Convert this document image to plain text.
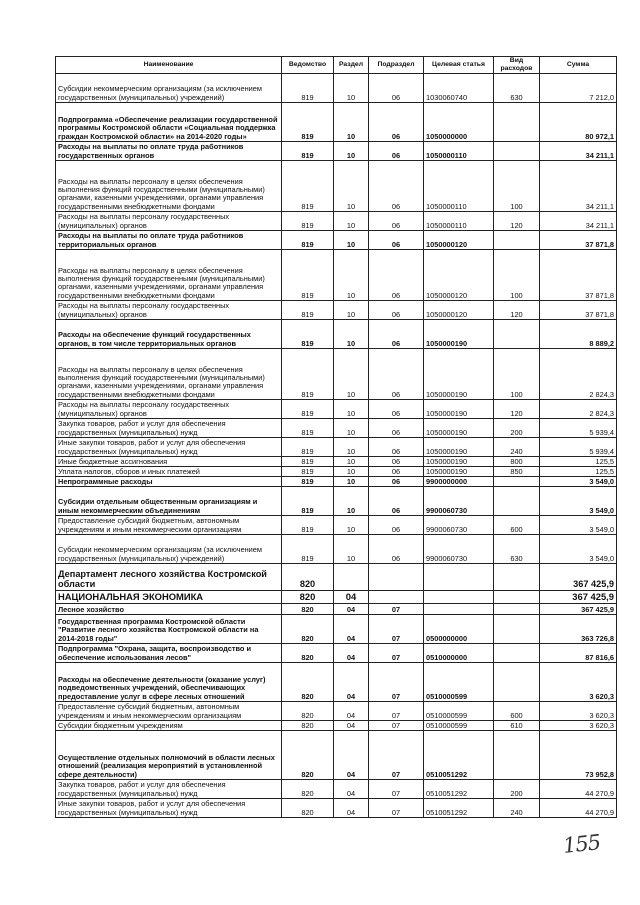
Наименование	Ведомство	Раздел	Подраздел	Целевая статья	Вид расходов	Сумма
Субсидии некоммерческим организациям (за исключением государственных (муниципальных) учреждений)	819	10	06	1030060740	630	7 212,0
Подпрограмма «Обеспечение реализации государственной программы Костромской области «Социальная поддержка граждан Костромской области» на 2014-2020 годы»	819	10	06	1050000000		80 972,1
Расходы на выплаты по оплате труда работников государственных органов	819	10	06	1050000110		34 211,1
Расходы на выплаты персоналу в целях обеспечения выполнения функций государственными (муниципальными) органами, казенными учреждениями, органами управления государственными внебюджетными фондами	819	10	06	1050000110	100	34 211,1
Расходы на выплаты персоналу государственных (муниципальных) органов	819	10	06	1050000110	120	34 211,1
Расходы на выплаты по оплате труда работников территориальных органов	819	10	06	1050000120		37 871,8
Расходы на выплаты персоналу в целях обеспечения выполнения функций государственными (муниципальными) органами, казенными учреждениями, органами управления государственными внебюджетными фондами	819	10	06	1050000120	100	37 871,8
Расходы на выплаты персоналу государственных (муниципальных) органов	819	10	06	1050000120	120	37 871,8
Расходы на обеспечение функций государственных органов, в том числе территориальных органов	819	10	06	1050000190		8 889,2
Расходы на выплаты персоналу в целях обеспечения выполнения функций государственными (муниципальными) органами, казенными учреждениями, органами управления государственными внебюджетными фондами	819	10	06	1050000190	100	2 824,3
Расходы на выплаты персоналу государственных (муниципальных) органов	819	10	06	1050000190	120	2 824,3
Закупка товаров, работ и услуг для обеспечения государственных (муниципальных) нужд	819	10	06	1050000190	200	5 939,4
Иные закупки товаров, работ и услуг для обеспечения государственных (муниципальных) нужд	819	10	06	1050000190	240	5 939,4
Иные бюджетные ассигнования	819	10	06	1050000190	800	125,5
Уплата налогов, сборов и иных платежей	819	10	06	1050000190	850	125,5
Непрограммные расходы	819	10	06	9900000000		3 549,0
Субсидии отдельным общественным организациям и иным некоммерческим объединениям	819	10	06	9900060730		3 549,0
Предоставление субсидий бюджетным, автономным учреждениям и иным некоммерческим организациям	819	10	06	9900060730	600	3 549,0
Субсидии некоммерческим организациям (за исключением государственных (муниципальных) учреждений)	819	10	06	9900060730	630	3 549,0
Департамент лесного хозяйства Костромской области	820					367 425,9
НАЦИОНАЛЬНАЯ ЭКОНОМИКА	820	04				367 425,9
Лесное хозяйство	820	04	07			367 425,9
Государственная программа Костромской области "Развитие лесного хозяйства Костромской области на 2014-2018 годы"	820	04	07	0500000000		363 726,8
Подпрограмма "Охрана, защита, воспроизводство и обеспечение использования лесов"	820	04	07	0510000000		87 816,6
Расходы на обеспечение деятельности (оказание услуг) подведомственных учреждений, обеспечивающих предоставление услуг в сфере лесных отношений	820	04	07	0510000599		3 620,3
Предоставление субсидий бюджетным, автономным учреждениям и иным некоммерческим организациям	820	04	07	0510000599	600	3 620,3
Субсидии бюджетным учреждениям	820	04	07	0510000599	610	3 620,3
Осуществление отдельных полномочий в области лесных отношений (реализация мероприятий в установленной сфере деятельности)	820	04	07	0510051292		73 952,8
Закупка товаров, работ и услуг для обеспечения государственных (муниципальных) нужд	820	04	07	0510051292	200	44 270,9
Иные закупки товаров, работ и услуг для обеспечения государственных (муниципальных) нужд	820	04	07	0510051292	240	44 270,9
155
